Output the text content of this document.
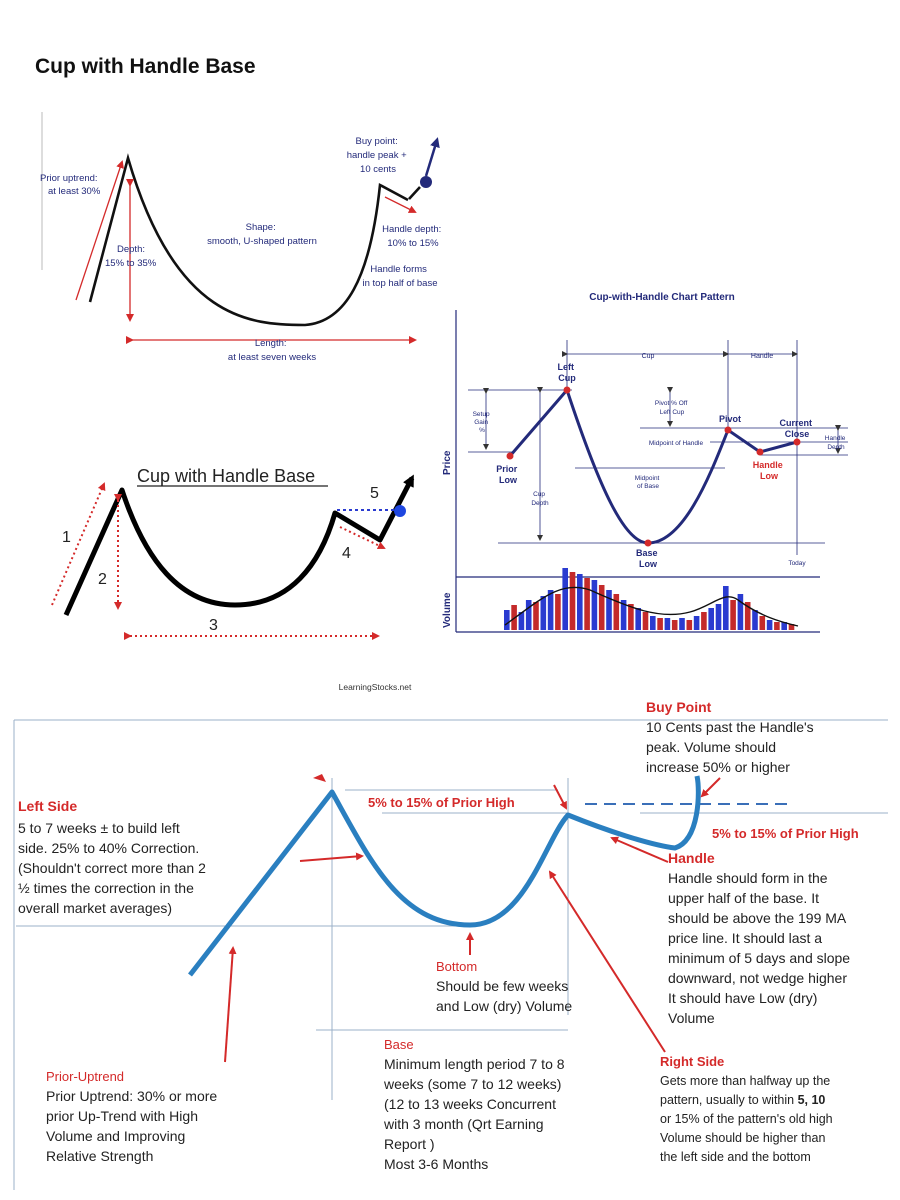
Cup with Handle Base
Prior uptrend: at least 30%
Depth: 15% to 35%
Shape: smooth, U-shaped pattern
Buy point: handle peak + 10 cents
Handle depth: 10% to 15%
Handle forms in top half of base
Length: at least seven weeks
Cup with Handle Base
1
2
3
4
5
Cup-with-Handle Chart Pattern
Price
Volume
Cup	Handle
Left Cup
Setup Gain %
Pivot % Off Left Cup
Pivot	Current Close
Midpoint of Handle
Handle Depth
Prior Low	Midpoint of Base
Handle Low
Cup Depth
Base Low	Today
LearningStocks.net
Buy Point
10 Cents past the Handle's peak. Volume should increase 50% or higher
Left Side
5 to 7 weeks ± to build left side. 25% to 40% Correction. (Shouldn't correct more than 2 ½ times the correction in the overall market averages)
5% to 15% of Prior High
5% to 15% of Prior High
Handle
Handle should form in the upper half of the base. It should be above the 199 MA price line. It should last a minimum of 5 days and slope downward, not wedge higher It should have Low (dry) Volume
Bottom
Should be few weeks and Low (dry) Volume
Prior-Uptrend
Prior Uptrend: 30% or more prior Up-Trend with High Volume and Improving Relative Strength
Base
Minimum length period 7 to 8 weeks (some 7 to 12 weeks) (12 to 13 weeks Concurrent with 3 month (Qrt Earning Report ) Most 3-6 Months
Right Side
Gets more than halfway up the pattern, usually to within 5, 10 or 15% of the pattern's old high Volume should be higher than the left side and the bottom
